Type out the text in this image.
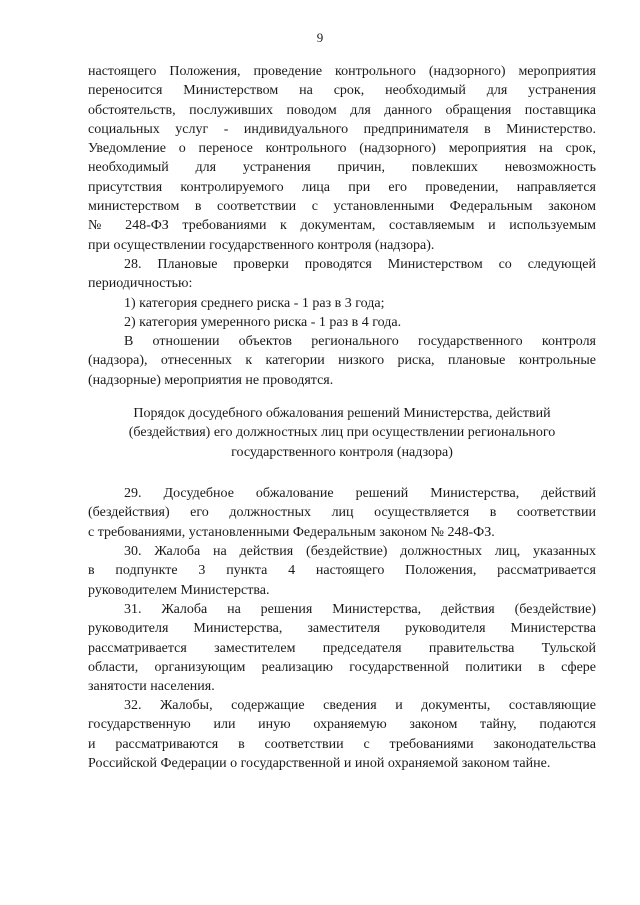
9
настоящего Положения, проведение контрольного (надзорного) мероприятия
переносится Министерством на срок, необходимый для устранения
обстоятельств, послуживших поводом для данного обращения поставщика
социальных услуг - индивидуального предпринимателя в Министерство.
Уведомление о переносе контрольного (надзорного) мероприятия на срок,
необходимый для устранения причин, повлекших невозможность
присутствия контролируемого лица при его проведении, направляется
министерством в соответствии с установленными Федеральным законом
№ 248-ФЗ требованиями к документам, составляемым и используемым
при осуществлении государственного контроля (надзора).
28. Плановые проверки проводятся Министерством со следующей
периодичностью:
1) категория среднего риска - 1 раз в 3 года;
2) категория умеренного риска - 1 раз в 4 года.
В отношении объектов регионального государственного контроля
(надзора), отнесенных к категории низкого риска, плановые контрольные
(надзорные) мероприятия не проводятся.
Порядок досудебного обжалования решений Министерства, действий
(бездействия) его должностных лиц при осуществлении регионального
государственного контроля (надзора)
29. Досудебное обжалование решений Министерства, действий
(бездействия) его должностных лиц осуществляется в соответствии
с требованиями, установленными Федеральным законом № 248-ФЗ.
30. Жалоба на действия (бездействие) должностных лиц, указанных
в подпункте 3 пункта 4 настоящего Положения, рассматривается
руководителем Министерства.
31. Жалоба на решения Министерства, действия (бездействие)
руководителя Министерства, заместителя руководителя Министерства
рассматривается заместителем председателя правительства Тульской
области, организующим реализацию государственной политики в сфере
занятости населения.
32. Жалобы, содержащие сведения и документы, составляющие
государственную или иную охраняемую законом тайну, подаются
и рассматриваются в соответствии с требованиями законодательства
Российской Федерации о государственной и иной охраняемой законом тайне.
